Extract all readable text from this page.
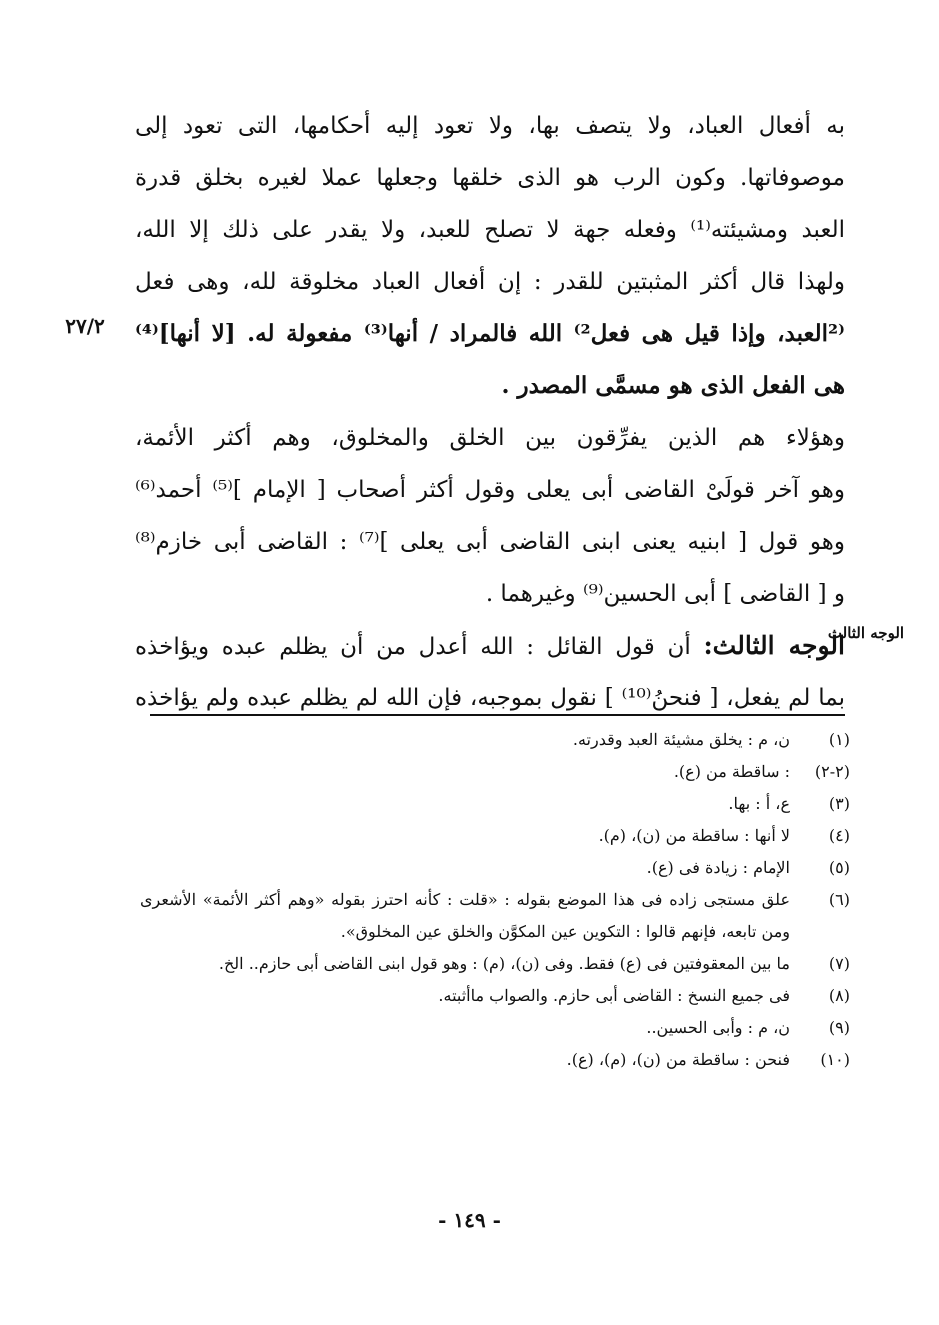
به أفعال العباد، ولا يتصف بها، ولا تعود إليه أحكامها، التى تعود إلى
موصوفاتها. وكون الرب هو الذى خلقها وجعلها عملا لغيره بخلق قدرة
العبد ومشيئته⁽¹⁾ وفعله جهة لا تصلح للعبد، ولا يقدر على ذلك إلا الله،
ولهذا قال أكثر المثبتين للقدر : إن أفعال العباد مخلوقة لله، وهى فعل
⁽²العبد، وإذا قيل هى فعل²⁾ الله فالمراد / أنها⁽³⁾ مفعولة له. [لا أنها]⁽⁴⁾
هى الفعل الذى هو مسمَّى المصدر .
وهؤلاء هم الذين يفرِّقون بين الخلق والمخلوق، وهم أكثر الأئمة،
وهو آخر قولَىْ القاضى أبى يعلى وقول أكثر أصحاب [ الإمام ]⁽⁵⁾ أحمد⁽⁶⁾
وهو قول [ ابنيه يعنى ابنى القاضى أبى يعلى ]⁽⁷⁾ : القاضى أبى خازم⁽⁸⁾
و [ القاضى ] أبى الحسين⁽⁹⁾ وغيرهما .
الوجه الثالث: أن قول القائل : الله أعدل من أن يظلم عبده ويؤاخذه
بما لم يفعل، [ فنحنُ⁽¹⁰⁾ ] نقول بموجبه، فإن الله لم يظلم عبده ولم يؤاخذه
٢٧/٢
الوجه الثالث
(١)
ن، م : يخلق مشيئة العبد وقدرته.
(٢-٢)
: ساقطة من (ع).
(٣)
ع، أ : بها.
(٤)
لا أنها : ساقطة من (ن)، (م).
(٥)
الإمام : زيادة فى (ع).
(٦)
علق مستجى زاده فى هذا الموضع بقوله : «قلت : كأنه احترز بقوله «وهم أكثر الأئمة» الأشعرى ومن تابعه، فإنهم قالوا : التكوين عين المكوَّن والخلق عين المخلوق».
(٧)
ما بين المعقوفتين فى (ع) فقط. وفى (ن)، (م) : وهو قول ابنى القاضى أبى حازم.. الخ.
(٨)
فى جميع النسخ : القاضى أبى حازم. والصواب ماأثبته.
(٩)
ن، م : وأبى الحسين..
(١٠)
فنحن : ساقطة من (ن)، (م)، (ع).
- ١٤٩ -
